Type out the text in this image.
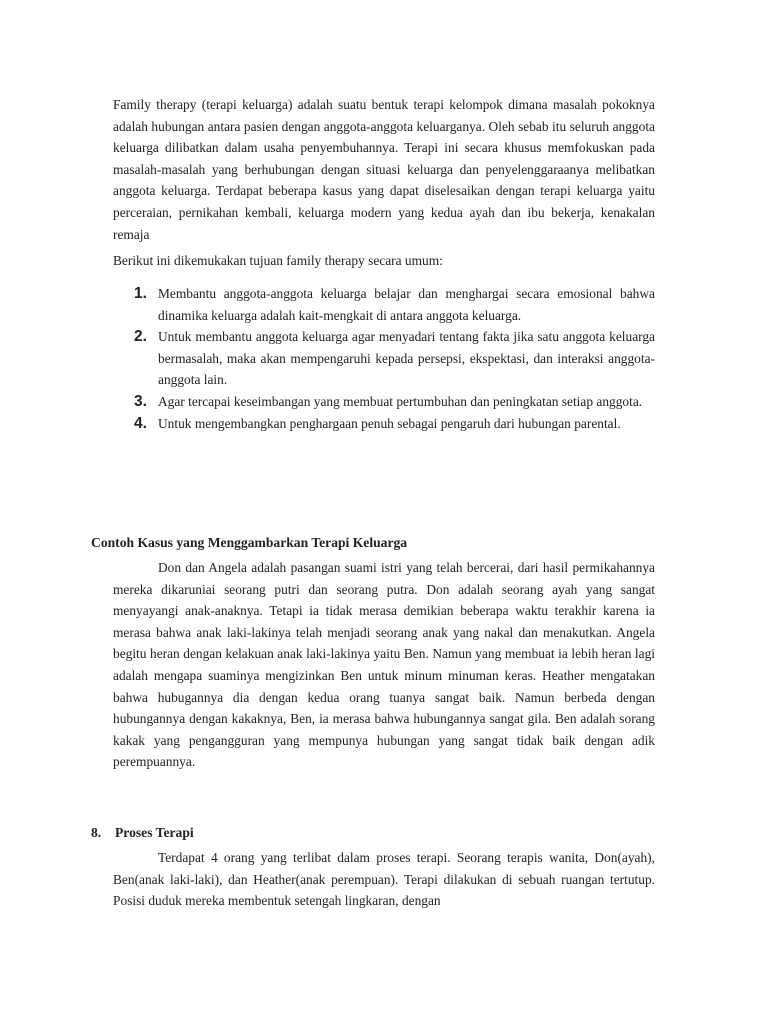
Family therapy (terapi keluarga) adalah suatu bentuk terapi kelompok dimana masalah pokoknya adalah hubungan antara pasien dengan anggota-anggota keluarganya. Oleh sebab itu seluruh anggota keluarga dilibatkan dalam usaha penyembuhannya. Terapi ini secara khusus memfokuskan pada masalah-masalah yang berhubungan dengan situasi keluarga dan penyelenggaraanya melibatkan anggota keluarga. Terdapat beberapa kasus yang dapat diselesaikan dengan terapi keluarga yaitu perceraian, pernikahan kembali, keluarga modern yang kedua ayah dan ibu bekerja, kenakalan remaja

Berikut ini dikemukakan tujuan family therapy secara umum:

1. Membantu anggota-anggota keluarga belajar dan menghargai secara emosional bahwa dinamika keluarga adalah kait-mengkait di antara anggota keluarga.
2. Untuk membantu anggota keluarga agar menyadari tentang fakta jika satu anggota keluarga bermasalah, maka akan mempengaruhi kepada persepsi, ekspektasi, dan interaksi anggota-anggota lain.
3. Agar tercapai keseimbangan yang membuat pertumbuhan dan peningkatan setiap anggota.
4. Untuk mengembangkan penghargaan penuh sebagai pengaruh dari hubungan parental.
Contoh Kasus yang Menggambarkan Terapi Keluarga

Don dan Angela adalah pasangan suami istri yang telah bercerai, dari hasil permikahannya mereka dikaruniai seorang putri dan seorang putra. Don adalah seorang ayah yang sangat menyayangi anak-anaknya. Tetapi ia tidak merasa demikian beberapa waktu terakhir karena ia merasa bahwa anak laki-lakinya telah menjadi seorang anak yang nakal dan menakutkan. Angela begitu heran dengan kelakuan anak laki-lakinya yaitu Ben. Namun yang membuat ia lebih heran lagi adalah mengapa suaminya mengizinkan Ben untuk minum minuman keras. Heather mengatakan bahwa hubugannya dia dengan kedua orang tuanya sangat baik. Namun berbeda dengan hubungannya dengan kakaknya, Ben, ia merasa bahwa hubungannya sangat gila. Ben adalah sorang kakak yang pengangguran yang mempunya hubungan yang sangat tidak baik dengan adik perempuannya.

8. Proses Terapi

Terdapat 4 orang yang terlibat dalam proses terapi. Seorang terapis wanita, Don(ayah), Ben(anak laki-laki), dan Heather(anak perempuan). Terapi dilakukan di sebuah ruangan tertutup. Posisi duduk mereka membentuk setengah lingkaran, dengan
